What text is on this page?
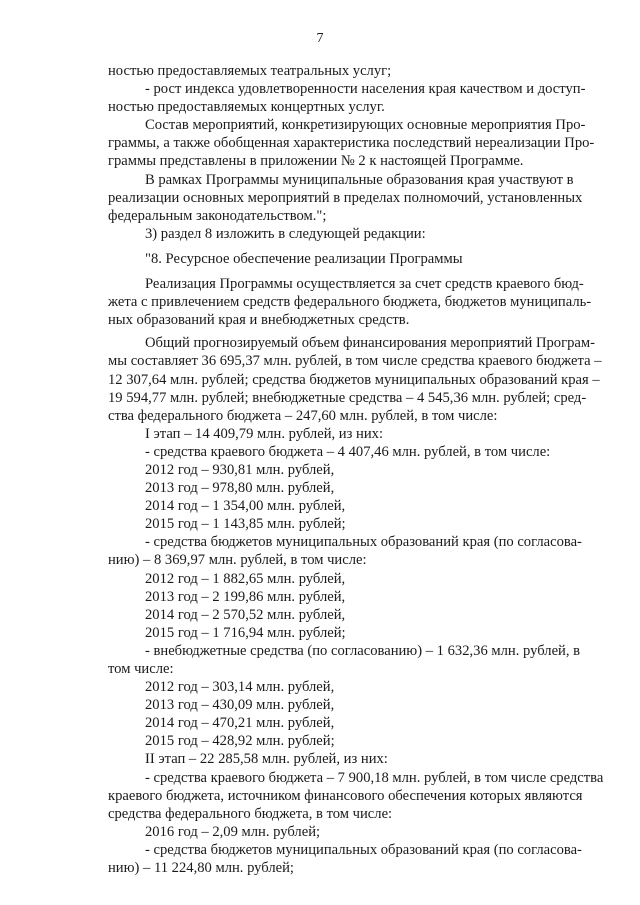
7

ностью предоставляемых театральных услуг;

- рост индекса удовлетворенности населения края качеством и доступ-

ностью предоставляемых концертных услуг.

Состав мероприятий, конкретизирующих основные мероприятия Про-

граммы, а также обобщенная характеристика последствий нереализации Про-

граммы представлены в приложении № 2 к настоящей Программе.

В рамках Программы муниципальные образования края участвуют в

реализации основных мероприятий в пределах полномочий, установленных

федеральным законодательством.";

3) раздел 8 изложить в следующей редакции:

"8. Ресурсное обеспечение реализации Программы

Реализация Программы осуществляется за счет средств краевого бюд-

жета с привлечением средств федерального бюджета, бюджетов муниципаль-

ных образований края и внебюджетных средств.

Общий прогнозируемый объем финансирования мероприятий Програм-

мы составляет 36 695,37 млн. рублей, в том числе средства краевого бюджета –

12 307,64 млн. рублей; средства бюджетов муниципальных образований края –

19 594,77 млн. рублей; внебюджетные средства – 4 545,36 млн. рублей; сред-

ства федерального бюджета – 247,60 млн. рублей, в том числе:

I этап – 14 409,79 млн. рублей, из них:

- средства краевого бюджета – 4 407,46 млн. рублей, в том числе:

2012 год – 930,81 млн. рублей,

2013 год – 978,80 млн. рублей,

2014 год – 1 354,00 млн. рублей,

2015 год – 1 143,85 млн. рублей;

- средства бюджетов муниципальных образований края (по согласова-

нию) – 8 369,97 млн. рублей, в том числе:

2012 год – 1 882,65 млн. рублей,

2013 год – 2 199,86 млн. рублей,

2014 год – 2 570,52 млн. рублей,

2015 год – 1 716,94 млн. рублей;

- внебюджетные средства (по согласованию) – 1 632,36 млн. рублей, в

том числе:

2012 год – 303,14 млн. рублей,

2013 год – 430,09 млн. рублей,

2014 год – 470,21 млн. рублей,

2015 год – 428,92 млн. рублей;

II этап – 22 285,58 млн. рублей, из них:

- средства краевого бюджета – 7 900,18 млн. рублей, в том числе средства

краевого бюджета, источником финансового обеспечения которых являются

средства федерального бюджета, в том числе:

2016 год – 2,09 млн. рублей;

- средства бюджетов муниципальных образований края (по согласова-

нию) – 11 224,80 млн. рублей;
